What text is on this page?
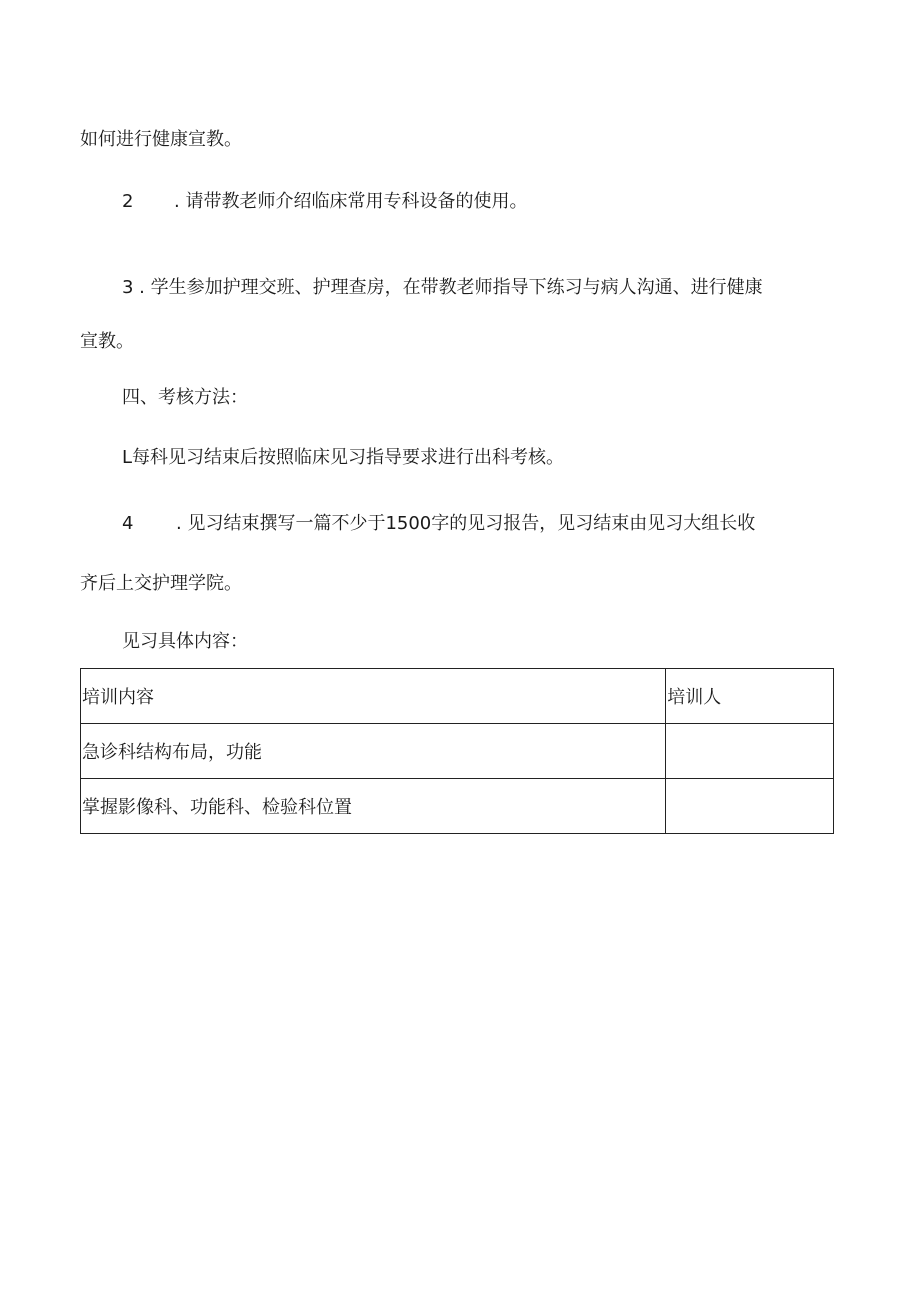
如何进行健康宣教。
2 . 请带教老师介绍临床常用专科设备的使用。
3 . 学生参加护理交班、护理查房，在带教老师指导下练习与病人沟通、进行健康
宣教。
四、考核方法：
L每科见习结束后按照临床见习指导要求进行出科考核。
4 . 见习结束撰写一篇不少于1500字的见习报告，见习结束由见习大组长收
齐后上交护理学院。
见习具体内容：
培训内容	培训人
急诊科结构布局，功能	
掌握影像科、功能科、检验科位置	
